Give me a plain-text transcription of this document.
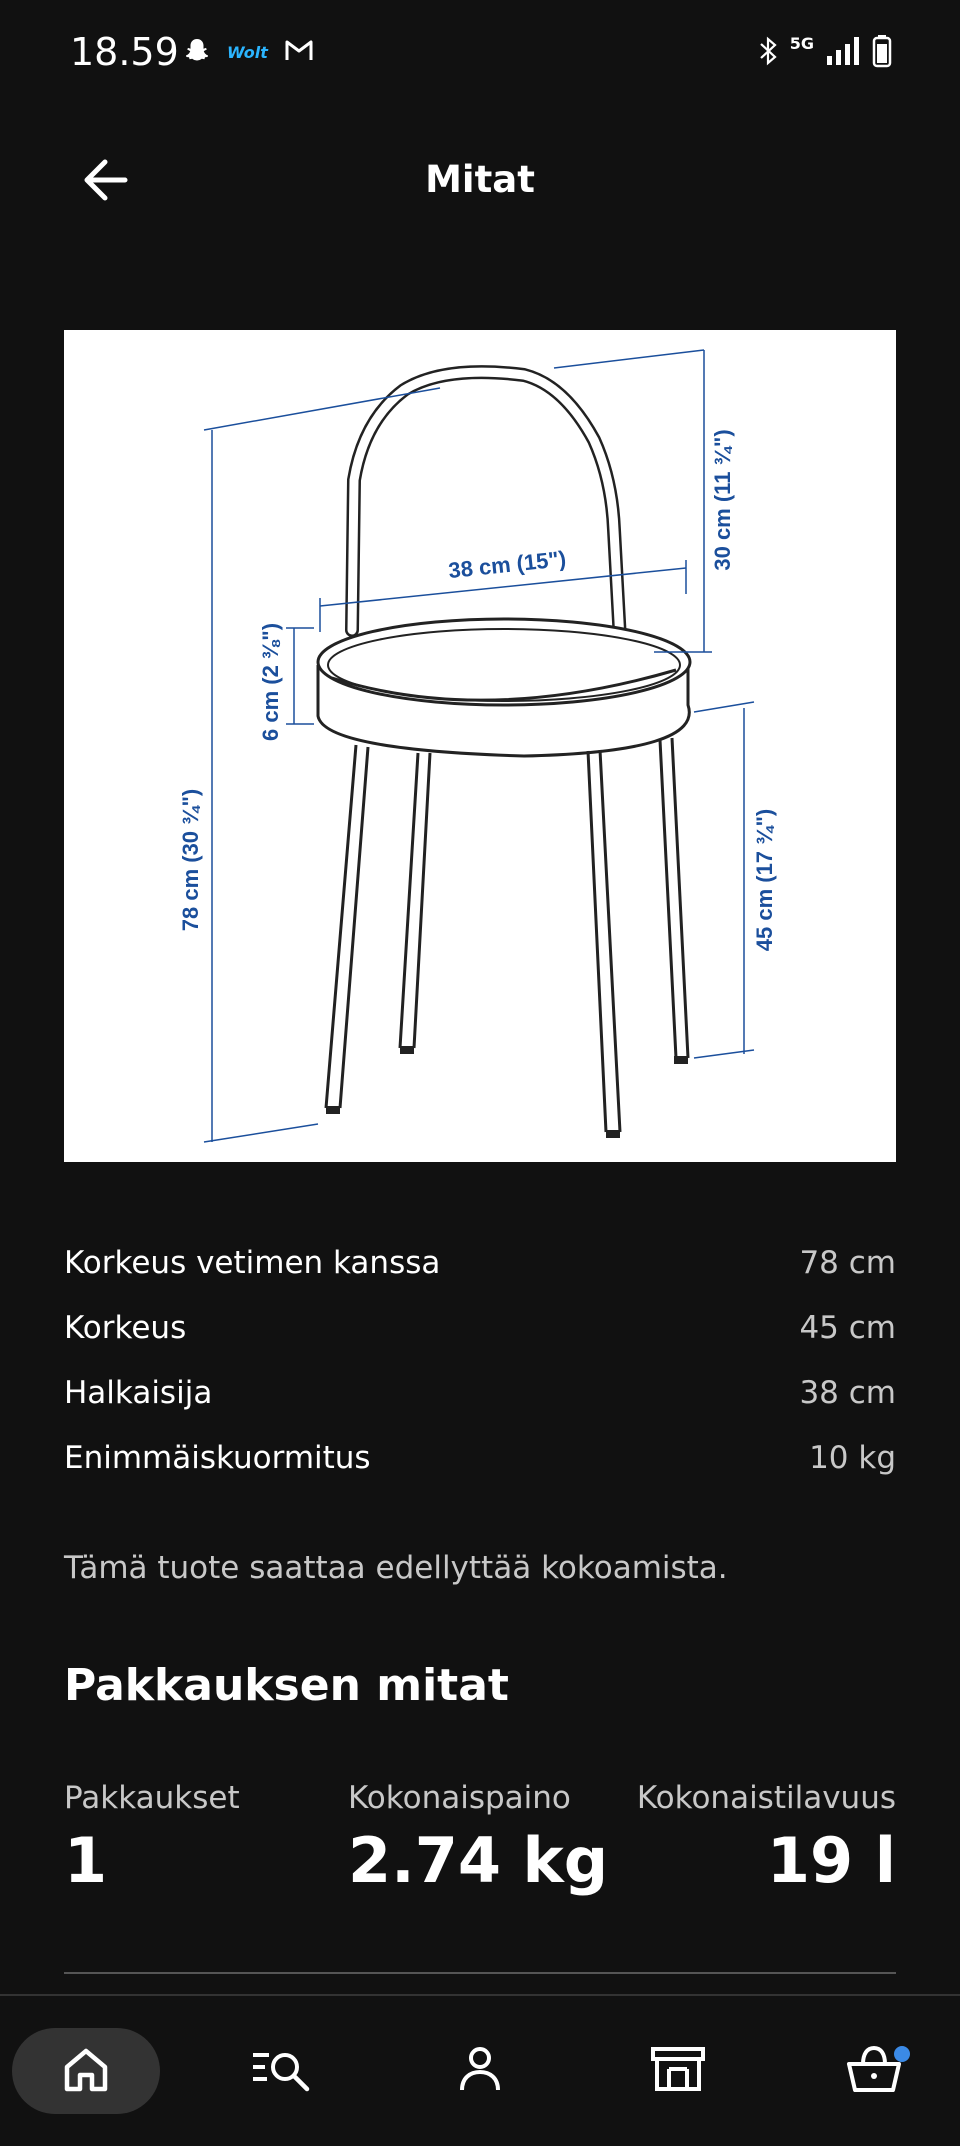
18.59	Wolt	5G
Mitat
78 cm (30 ¾")
30 cm (11 ¾")
38 cm (15")
6 cm (2 ⅜")
45 cm (17 ¾")
Korkeus vetimen kanssa	78 cm
Korkeus	45 cm
Halkaisija	38 cm
Enimmäiskuormitus	10 kg
Tämä tuote saattaa edellyttää kokoamista.
Pakkauksen mitat
Pakkaukset
1
Kokonaispaino
2.74 kg
Kokonaistilavuus
19 l
